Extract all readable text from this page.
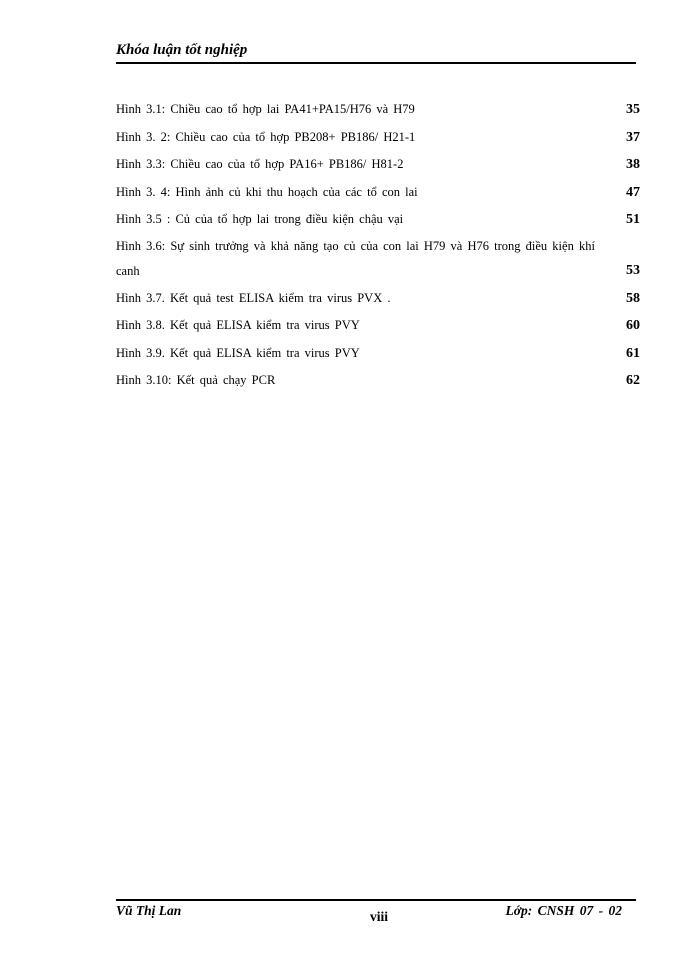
Khóa luận tốt nghiệp
Hình 3.1: Chiều cao tổ hợp lai PA41+PA15/H76 và H79	35
Hình 3. 2: Chiều cao của tổ hợp PB208+ PB186/ H21-1	37
Hình 3.3: Chiều cao của tổ hợp PA16+ PB186/ H81-2	38
Hình 3. 4: Hình ảnh củ khi thu hoạch của các tổ con lai	47
Hình 3.5 : Củ của tổ hợp lai trong điều kiện chậu vại	51
Hình 3.6: Sự sinh trưởng và khả năng tạo củ của con lai H79 và H76 trong điều kiện khí canh	53
Hình 3.7. Kết quả test ELISA kiểm tra virus PVX .	58
Hình 3.8. Kết quả ELISA kiểm tra virus PVY	60
Hình 3.9. Kết quả ELISA kiểm tra virus PVY	61
Hình 3.10: Kết quả chạy PCR	62
Vũ Thị Lan	viii	Lớp: CNSH 07 - 02
